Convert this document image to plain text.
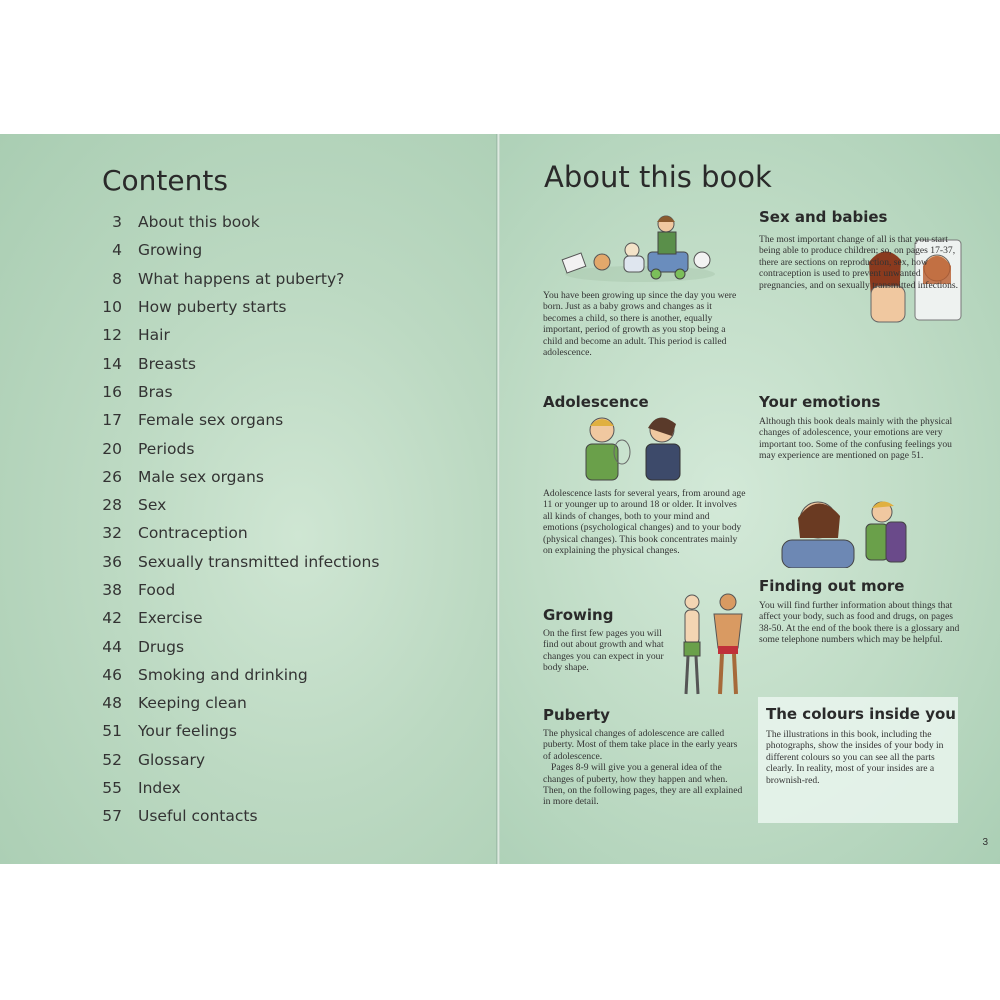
Contents
3 About this book
4 Growing
8 What happens at puberty?
10 How puberty starts
12 Hair
14 Breasts
16 Bras
17 Female sex organs
20 Periods
26 Male sex organs
28 Sex
32 Contraception
36 Sexually transmitted infections
38 Food
42 Exercise
44 Drugs
46 Smoking and drinking
48 Keeping clean
51 Your feelings
52 Glossary
55 Index
57 Useful contacts
About this book

You have been growing up since the day you were born. Just as a baby grows and changes as it becomes a child, so there is another, equally important, period of growth as you stop being a child and become an adult. This period is called adolescence.

Adolescence

Adolescence lasts for several years, from around age 11 or younger up to around 18 or older. It involves all kinds of changes, both to your mind and emotions (psychological changes) and to your body (physical changes). This book concentrates mainly on explaining the physical changes.

Growing

On the first few pages you will find out about growth and what changes you can expect in your body shape.

Puberty

The physical changes of adolescence are called puberty. Most of them take place in the early years of adolescence.

Pages 8-9 will give you a general idea of the changes of puberty, how they happen and when. Then, on the following pages, they are all explained in more detail.

Sex and babies

The most important change of all is that you start being able to produce children; so, on pages 17-37, there are sections on reproduction, sex, how contraception is used to prevent unwanted pregnancies, and on sexually transmitted infections.

Your emotions

Although this book deals mainly with the physical changes of adolescence, your emotions are very important too. Some of the confusing feelings you may experience are mentioned on page 51.

Finding out more

You will find further information about things that affect your body, such as food and drugs, on pages 38-50. At the end of the book there is a glossary and some telephone numbers which may be helpful.

The colours inside you

The illustrations in this book, including the photographs, show the insides of your body in different colours so you can see all the parts clearly. In reality, most of your insides are a brownish-red.

3
